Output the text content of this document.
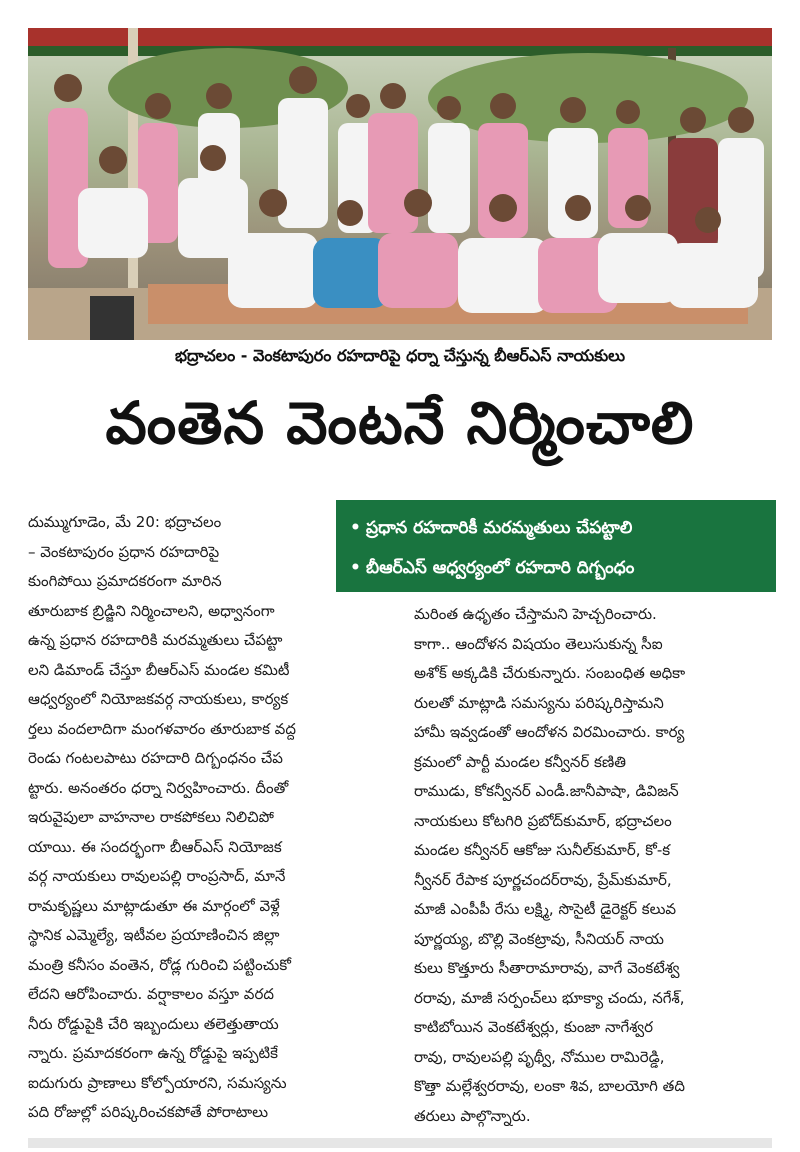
భద్రాచలం - వెంకటాపురం రహదారిపై ధర్నా చేస్తున్న బీఆర్ఎస్ నాయకులు
వంతెన వెంటనే నిర్మించాలి
• ప్రధాన రహదారికీ మరమ్మతులు చేపట్టాలి
• బీఆర్ఎస్ ఆధ్వర్యంలో రహదారి దిగ్బంధం
దుమ్ముగూడెం, మే 20: భద్రాచలం
– వెంకటాపురం ప్రధాన రహదారిపై
కుంగిపోయి ప్రమాదకరంగా మారిన
తూరుబాక బ్రిడ్జిని నిర్మించాలని, అధ్వానంగా
ఉన్న ప్రధాన రహదారికి మరమ్మతులు చేపట్టా
లని డిమాండ్ చేస్తూ బీఆర్ఎస్ మండల కమిటీ
ఆధ్వర్యంలో నియోజకవర్గ నాయకులు, కార్యక
ర్తలు వందలాదిగా మంగళవారం తూరుబాక వద్ద
రెండు గంటలపాటు రహదారి దిగ్బంధనం చేప
ట్టారు. అనంతరం ధర్నా నిర్వహించారు. దీంతో
ఇరువైపులా వాహనాల రాకపోకలు నిలిచిపో
యాయి. ఈ సందర్భంగా బీఆర్ఎస్ నియోజక
వర్గ నాయకులు రావులపల్లి రాంప్రసాద్, మానే
రామకృష్ణలు మాట్లాడుతూ ఈ మార్గంలో వెళ్లే
స్థానిక ఎమ్మెల్యే, ఇటీవల ప్రయాణించిన జిల్లా
మంత్రి కనీసం వంతెన, రోడ్ల గురించి పట్టించుకో
లేదని ఆరోపించారు. వర్షాకాలం వస్తూ వరద
నీరు రోడ్డుపైకి చేరి ఇబ్బందులు తలెత్తుతాయ
న్నారు. ప్రమాదకరంగా ఉన్న రోడ్డుపై ఇప్పటికే
ఐదుగురు ప్రాణాలు కోల్పోయారని, సమస్యను
పది రోజుల్లో పరిష్కరించకపోతే పోరాటాలు
మరింత ఉధృతం చేస్తామని హెచ్చరించారు.
కాగా.. ఆందోళన విషయం తెలుసుకున్న సీఐ
అశోక్ అక్కడికి చేరుకున్నారు. సంబంధిత అధికా
రులతో మాట్లాడి సమస్యను పరిష్కరిస్తామని
హామీ ఇవ్వడంతో ఆందోళన విరమించారు. కార్య
క్రమంలో పార్టీ మండల కన్వీనర్ కణితి
రాముడు, కోకన్వీనర్ ఎండీ.జానీపాషా, డివిజన్
నాయకులు కోటగిరి ప్రబోద్‌కుమార్, భద్రాచలం
మండల కన్వీనర్ ఆకోజు సునీల్‌కుమార్, కో-క
న్వీనర్ రేపాక పూర్ణచందర్‌రావు, ప్రేమ్‌కుమార్,
మాజీ ఎంపీపీ రేసు లక్ష్మి, సొసైటీ డైరెక్టర్ కలువ
పూర్ణయ్య, బొల్లి వెంకట్రావు, సీనియర్ నాయ
కులు కొత్తూరు సీతారామారావు, వాగే వెంకటేశ్వ
రరావు, మాజీ సర్పంచ్‌లు భూక్యా చందు, నగేశ్,
కాటిబోయిన వెంకటేశ్వర్లు, కుంజా నాగేశ్వర
రావు, రావులపల్లి పృథ్వీ, నోముల రామిరెడ్డి,
కొత్తా మల్లేశ్వరరావు, లంకా శివ, బాలయోగి తది
తరులు పాల్గొన్నారు.
